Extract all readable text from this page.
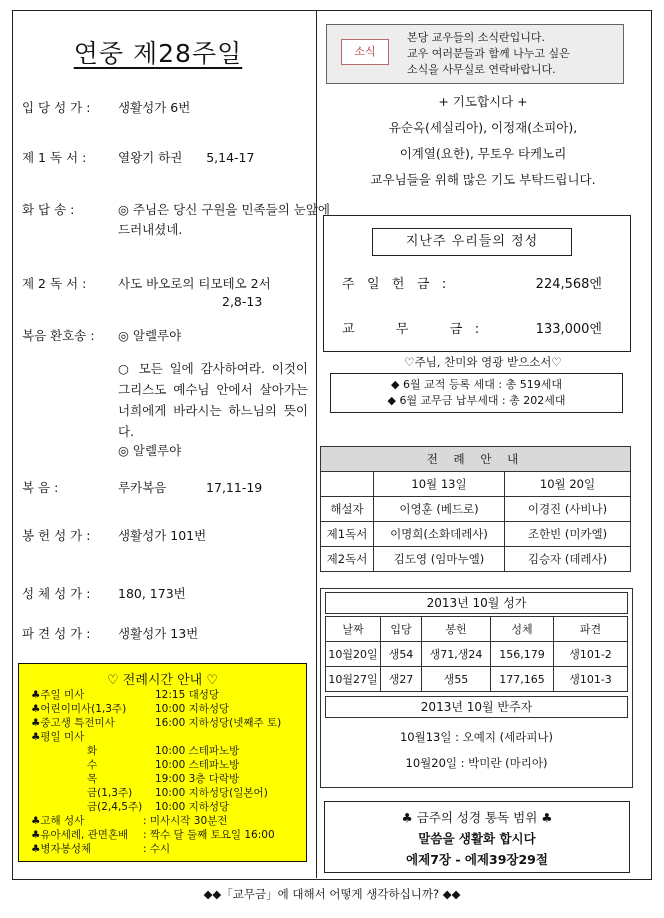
연중 제28주일
입 당 성 가 :	생활성가 6번
제 1 독 서 :	열왕기 하권      5,14-17
화 답 송 :	◎ 주님은 당신 구원을 민족들의 눈앞에 드러내셨네.
제 2 독 서 :	사도 바오로의 티모테오 2서
2,8-13
복음 환호송 :	◎ 알렐루야
○ 모든 일에 감사하여라. 이것이 그리스도 예수님 안에서 살아가는 너희에게 바라시는 하느님의 뜻이다.
◎ 알렐루야
복 음 :	루카복음          17,11-19
봉 헌 성 가 :	생활성가 101번
성 체 성 가 :	180, 173번
파 견 성 가 :	생활성가 13번
♡ 전례시간 안내 ♡
♣주일 미사	12:15 대성당
♣어린이미사(1,3주)	10:00 지하성당
♣중고생 특전미사	16:00 지하성당(넷째주 토)
♣평일 미사
화	10:00 스테파노방
수	10:00 스테파노방
목	19:00 3층 다락방
금(1,3주) 10:00 지하성당(일본어)
금(2,4,5주) 10:00 지하성당
♣고해 성사	: 미사시작 30분전
♣유아세례, 관면혼배 : 짝수 달 둘째 토요일 16:00
♣병자봉성체	: 수시
소식
본당 교우들의 소식란입니다.
교우 여러분들과 함께 나누고 싶은
소식을 사무실로 연락바랍니다.
+ 기도합시다 +
유순옥(세실리아), 이정재(소피아),
이계열(요한), 무토우 타케노리
교우님들을 위해 많은 기도 부탁드립니다.
지난주 우리들의 정성
주   일   헌   금   :	224,568엔
교          무          금   :	133,000엔
♡주님, 찬미와 영광 받으소서♡
◆ 6월 교적 등록 세대 : 총 519세대
◆ 6월 교무금 납부세대 : 총 202세대
전 례 안 내		
	10월 13일	10월 20일
해설자	이영훈 (베드로)	이경진 (사비나)
제1독서	이명희(소화데레사)	조한빈 (미카엘)
제2독서	김도영 (임마누엘)	김승자 (데레사)
2013년 10월 성가
2013년 10월 반주자
10월13일 : 오예지 (세라피나)
10월20일 : 박미란 (마리아)
날짜	입당	봉헌	성체	파견
10월20일	생54	생71,생24	156,179	생101-2
10월27일	생27	생55	177,165	생101-3
♣ 금주의 성경 통독 범위 ♣
말씀을 생활화 합시다
에제7장 - 에제39장29절
◆◆「교무금」에 대해서 어떻게 생각하십니까? ◆◆
